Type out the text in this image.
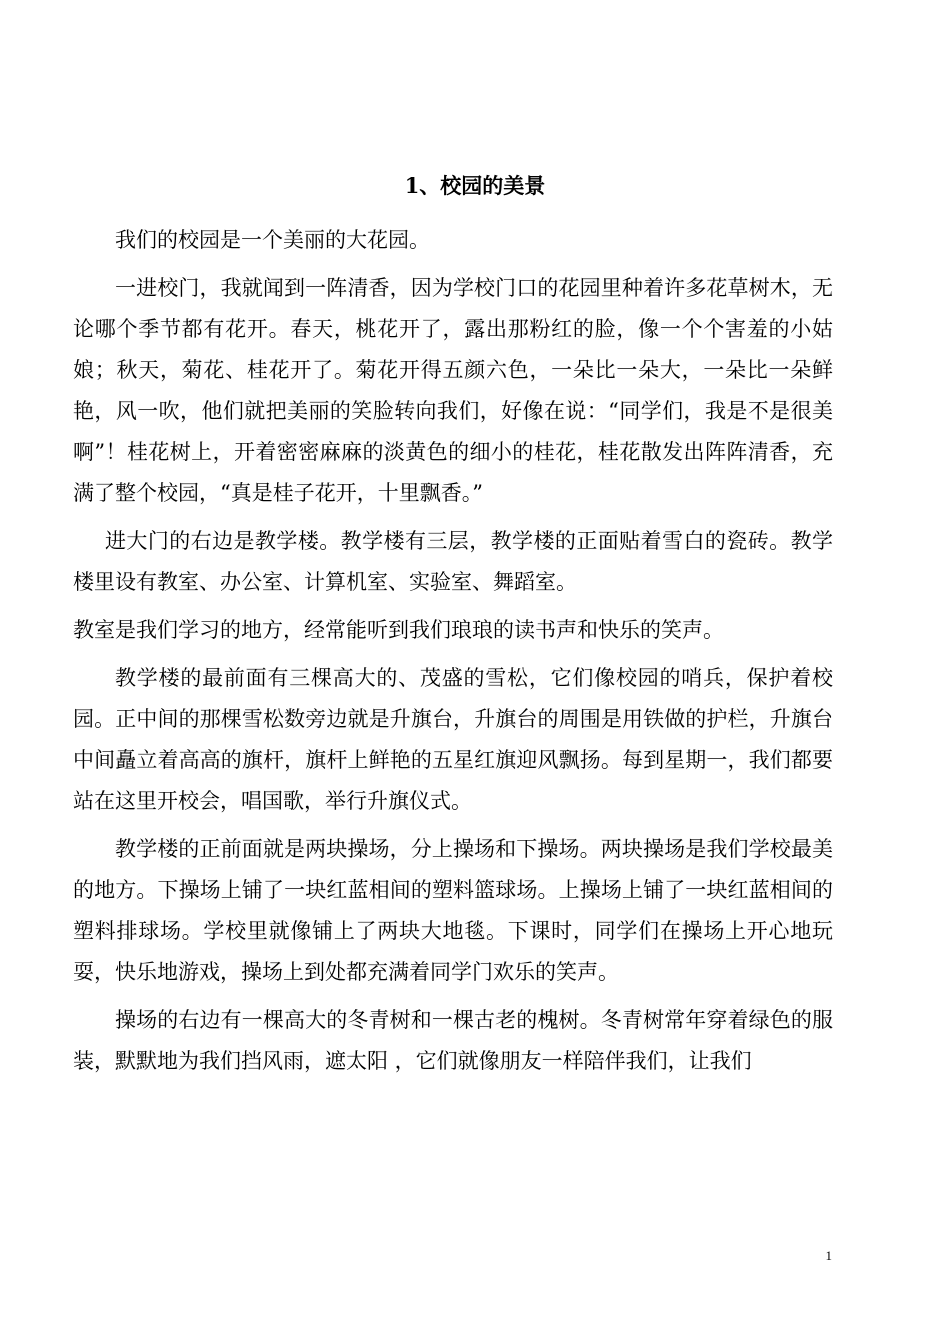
1、校园的美景

我们的校园是一个美丽的大花园。

一进校门，我就闻到一阵清香，因为学校门口的花园里种着许多花草树木，无论哪个季节都有花开。春天，桃花开了，露出那粉红的脸，像一个个害羞的小姑娘；秋天，菊花、桂花开了。菊花开得五颜六色，一朵比一朵大，一朵比一朵鲜艳，风一吹，他们就把美丽的笑脸转向我们，好像在说：“同学们，我是不是很美啊”！桂花树上，开着密密麻麻的淡黄色的细小的桂花，桂花散发出阵阵清香，充满了整个校园，“真是桂子花开，十里飘香。”

进大门的右边是教学楼。教学楼有三层，教学楼的正面贴着雪白的瓷砖。教学楼里设有教室、办公室、计算机室、实验室、舞蹈室。

教室是我们学习的地方，经常能听到我们琅琅的读书声和快乐的笑声。

教学楼的最前面有三棵高大的、茂盛的雪松，它们像校园的哨兵，保护着校园。正中间的那棵雪松数旁边就是升旗台，升旗台的周围是用铁做的护栏，升旗台中间矗立着高高的旗杆，旗杆上鲜艳的五星红旗迎风飘扬。每到星期一，我们都要站在这里开校会，唱国歌，举行升旗仪式。

教学楼的正前面就是两块操场，分上操场和下操场。两块操场是我们学校最美的地方。下操场上铺了一块红蓝相间的塑料篮球场。上操场上铺了一块红蓝相间的塑料排球场。学校里就像铺上了两块大地毯。下课时，同学们在操场上开心地玩耍，快乐地游戏，操场上到处都充满着同学门欢乐的笑声。

操场的右边有一棵高大的冬青树和一棵古老的槐树。冬青树常年穿着绿色的服装，默默地为我们挡风雨，遮太阳 ，它们就像朋友一样陪伴我们，让我们

1
